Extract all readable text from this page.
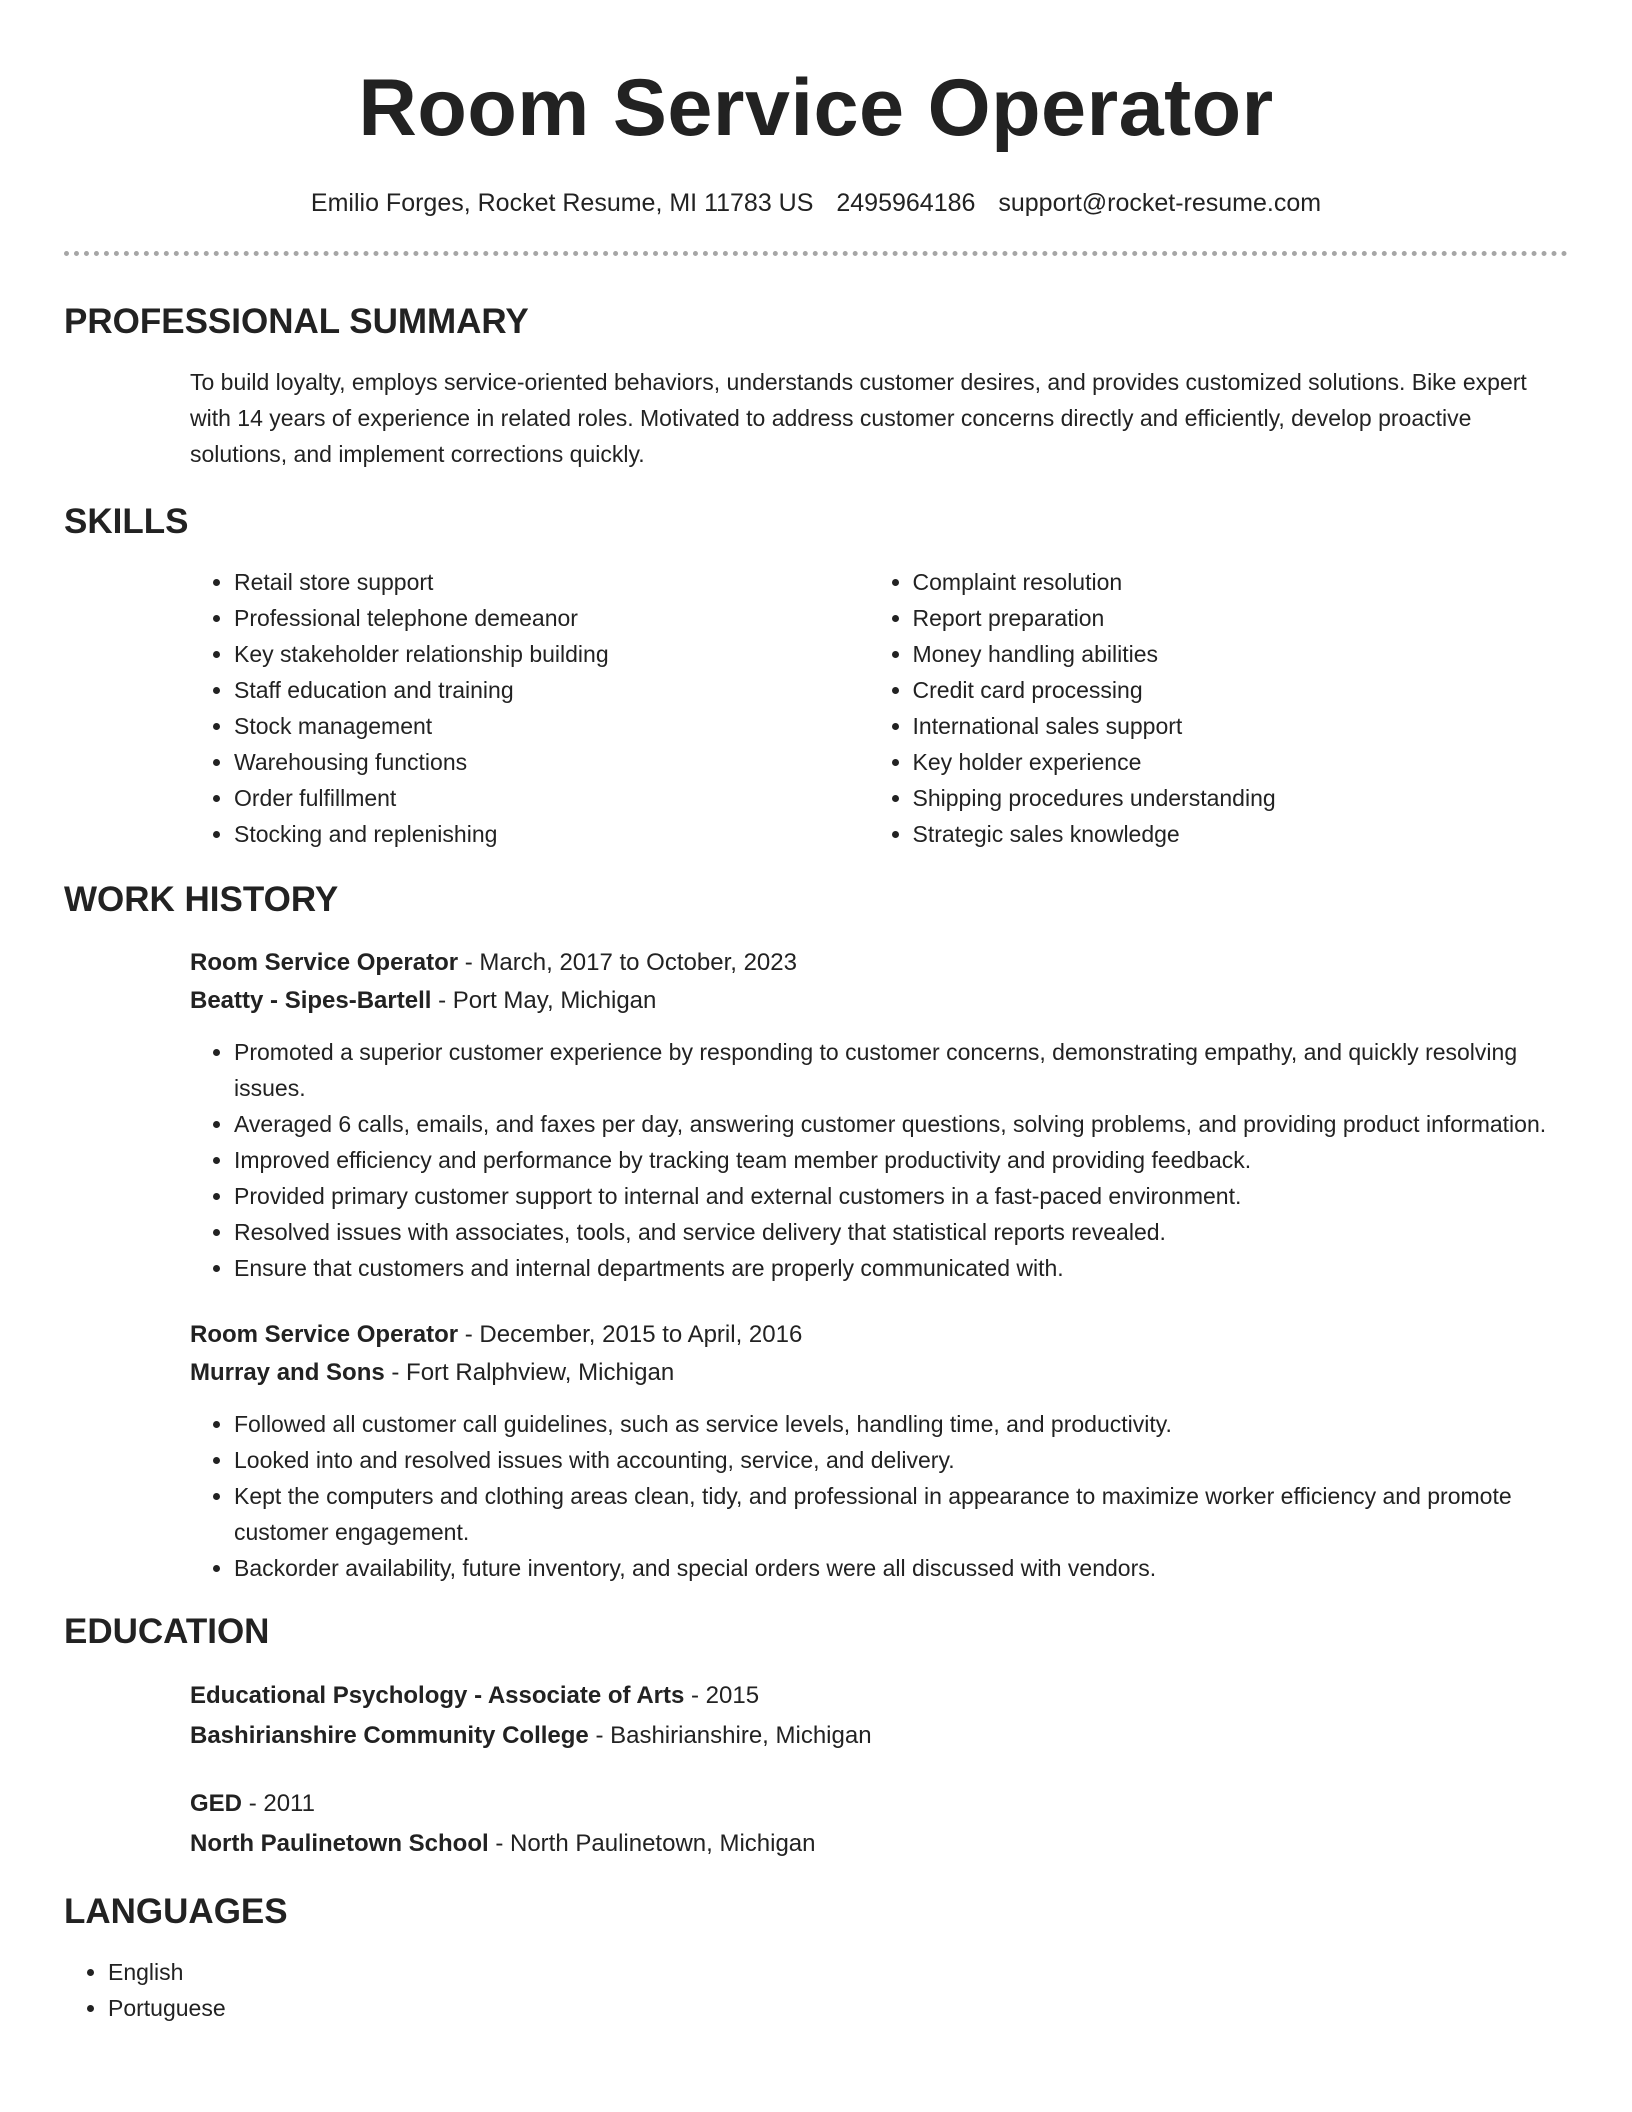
Room Service Operator
Emilio Forges, Rocket Resume, MI 11783 US 2495964186 support@rocket-resume.com
PROFESSIONAL SUMMARY
To build loyalty, employs service-oriented behaviors, understands customer desires, and provides customized solutions. Bike expert with 14 years of experience in related roles. Motivated to address customer concerns directly and efficiently, develop proactive solutions, and implement corrections quickly.
SKILLS
• Retail store support
• Professional telephone demeanor
• Key stakeholder relationship building
• Staff education and training
• Stock management
• Warehousing functions
• Order fulfillment
• Stocking and replenishing
• Complaint resolution
• Report preparation
• Money handling abilities
• Credit card processing
• International sales support
• Key holder experience
• Shipping procedures understanding
• Strategic sales knowledge
WORK HISTORY
Room Service Operator - March, 2017 to October, 2023
Beatty - Sipes-Bartell - Port May, Michigan
• Promoted a superior customer experience by responding to customer concerns, demonstrating empathy, and quickly resolving issues.
• Averaged 6 calls, emails, and faxes per day, answering customer questions, solving problems, and providing product information.
• Improved efficiency and performance by tracking team member productivity and providing feedback.
• Provided primary customer support to internal and external customers in a fast-paced environment.
• Resolved issues with associates, tools, and service delivery that statistical reports revealed.
• Ensure that customers and internal departments are properly communicated with.
Room Service Operator - December, 2015 to April, 2016
Murray and Sons - Fort Ralphview, Michigan
• Followed all customer call guidelines, such as service levels, handling time, and productivity.
• Looked into and resolved issues with accounting, service, and delivery.
• Kept the computers and clothing areas clean, tidy, and professional in appearance to maximize worker efficiency and promote customer engagement.
• Backorder availability, future inventory, and special orders were all discussed with vendors.
EDUCATION
Educational Psychology - Associate of Arts - 2015
Bashirianshire Community College - Bashirianshire, Michigan
GED - 2011
North Paulinetown School - North Paulinetown, Michigan
LANGUAGES
• English
• Portuguese
